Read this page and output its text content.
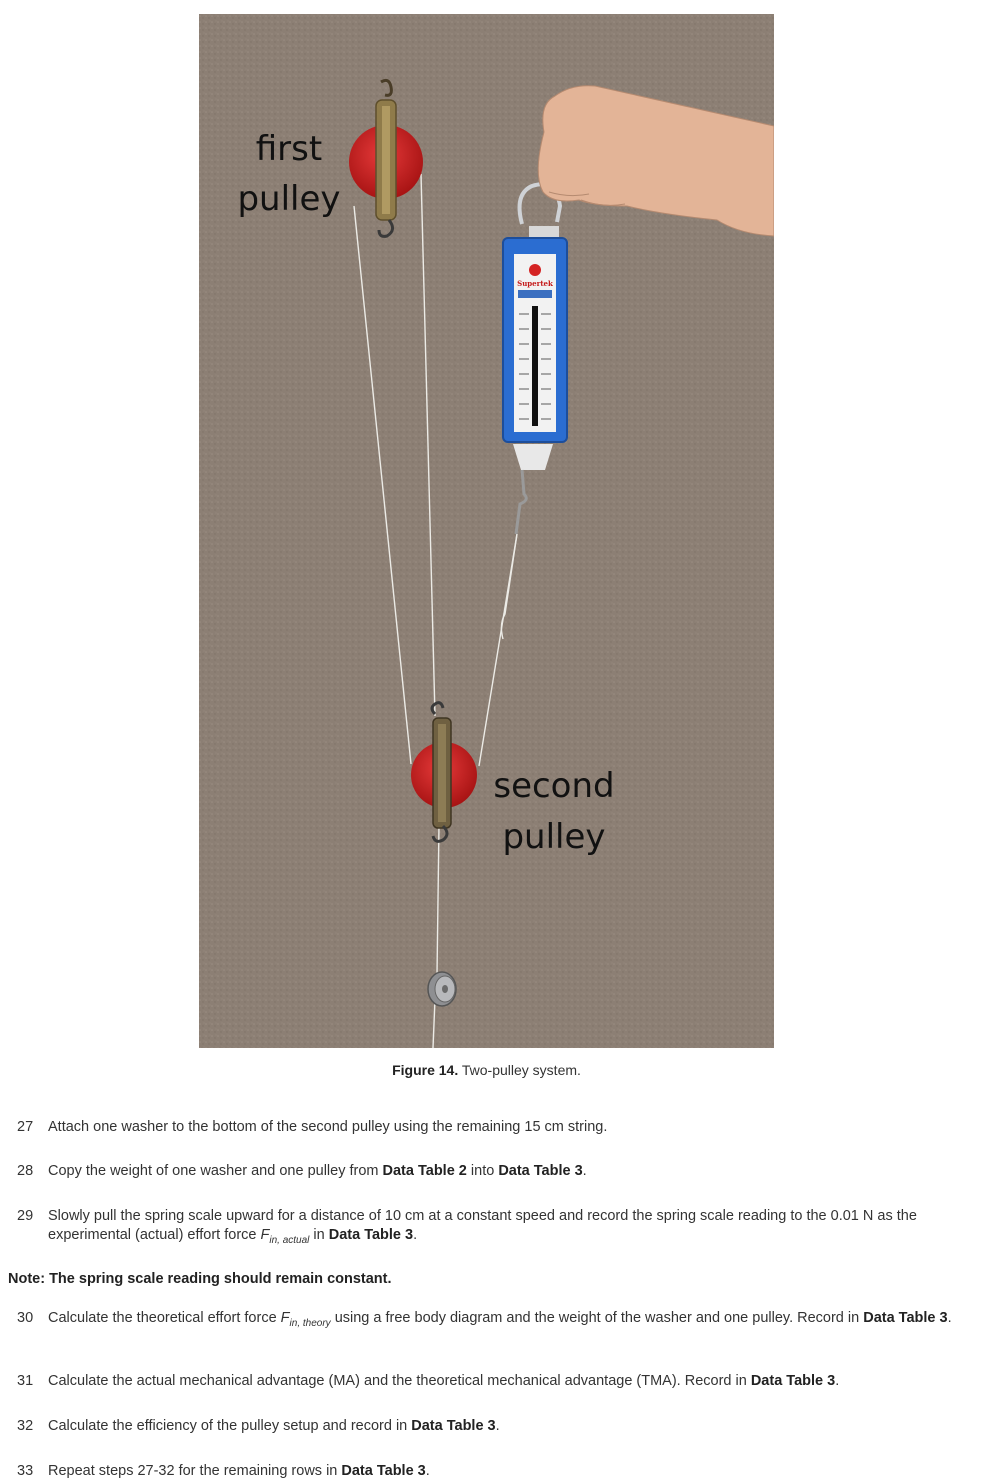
Supertek
first
pulley
second
pulley
Figure 14. Two-pulley system.
27 Attach one washer to the bottom of the second pulley using the remaining 15 cm string.
28 Copy the weight of one washer and one pulley from Data Table 2 into Data Table 3.
29 Slowly pull the spring scale upward for a distance of 10 cm at a constant speed and record the spring scale reading to the 0.01 N as the experimental (actual) effort force $F_{in, actual}$ in Data Table 3.
Note: The spring scale reading should remain constant.
30 Calculate the theoretical effort force $F_{in, theory}$ using a free body diagram and the weight of the washer and one pulley. Record in Data Table 3.
31 Calculate the actual mechanical advantage (MA) and the theoretical mechanical advantage (TMA). Record in Data Table 3.
32 Calculate the efficiency of the pulley setup and record in Data Table 3.
33 Repeat steps 27-32 for the remaining rows in Data Table 3.
